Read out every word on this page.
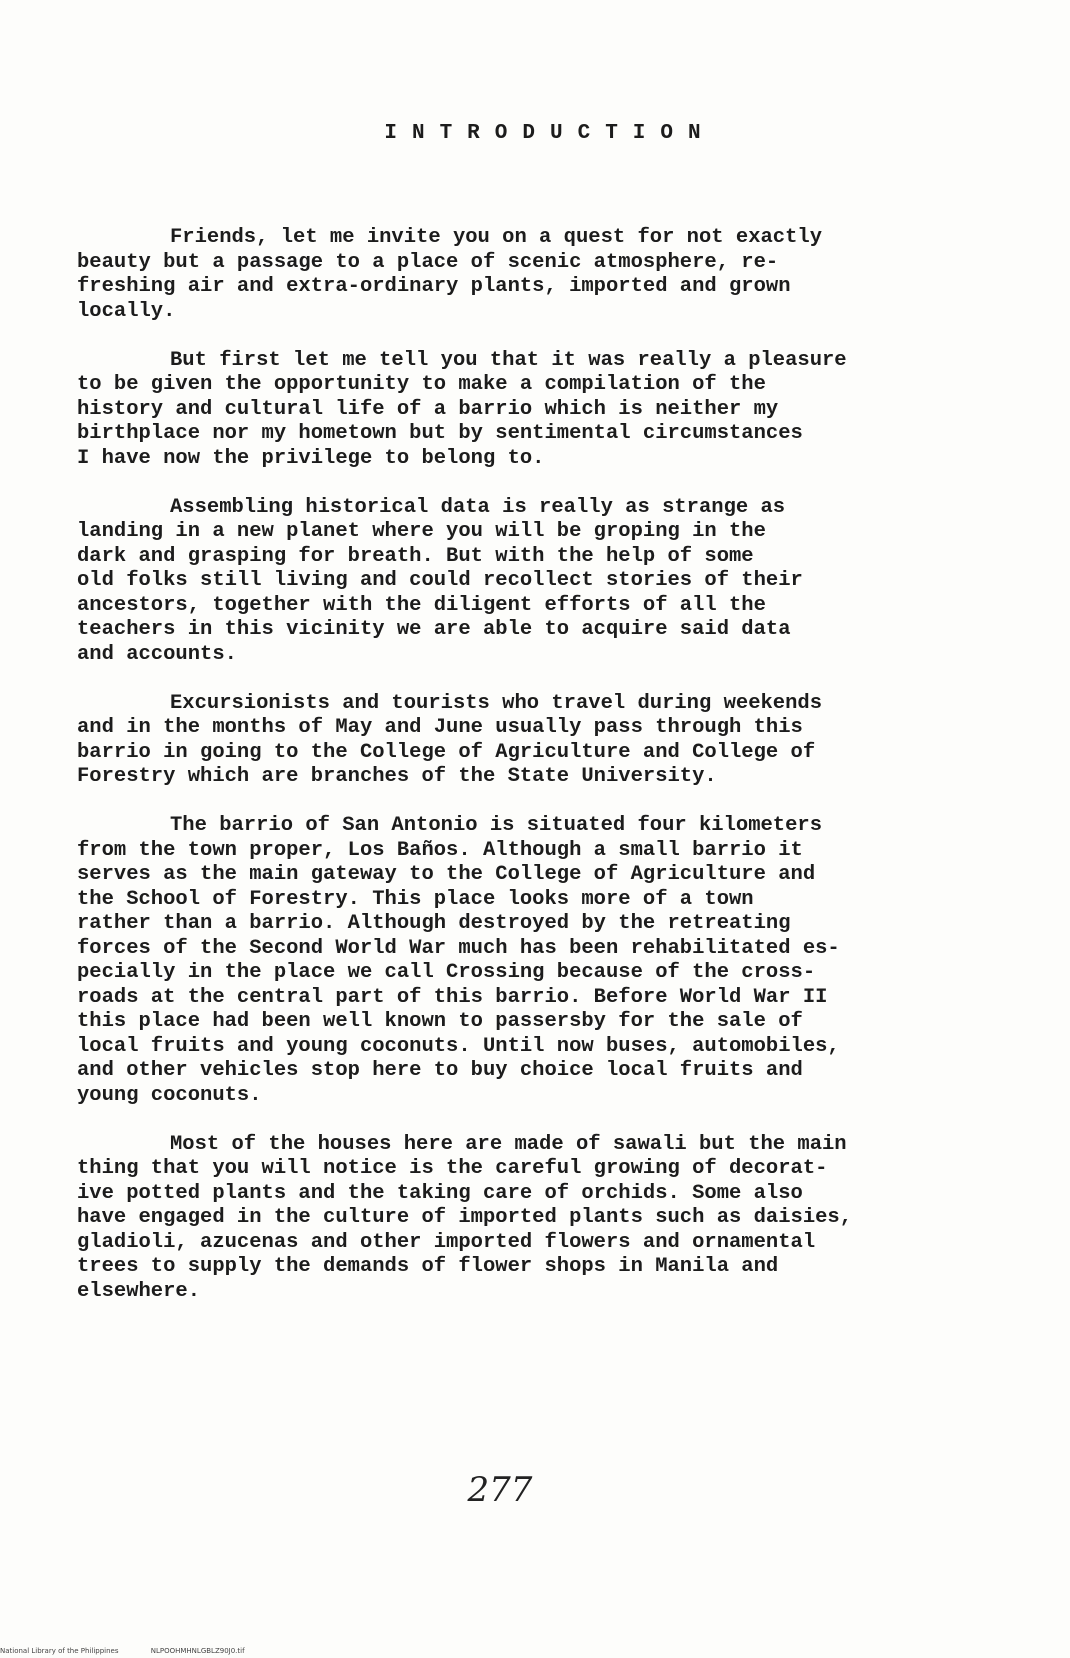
INTRODUCTION

Friends, let me invite you on a quest for not exactly
beauty but a passage to a place of scenic atmosphere, re-
freshing air and extra-ordinary plants, imported and grown
locally.

But first let me tell you that it was really a pleasure
to be given the opportunity to make a compilation of the
history and cultural life of a barrio which is neither my
birthplace nor my hometown but by sentimental circumstances
I have now the privilege to belong to.

Assembling historical data is really as strange as
landing in a new planet where you will be groping in the
dark and grasping for breath. But with the help of some
old folks still living and could recollect stories of their
ancestors, together with the diligent efforts of all the
teachers in this vicinity we are able to acquire said data
and accounts.

Excursionists and tourists who travel during weekends
and in the months of May and June usually pass through this
barrio in going to the College of Agriculture and College of
Forestry which are branches of the State University.

The barrio of San Antonio is situated four kilometers
from the town proper, Los Baños. Although a small barrio it
serves as the main gateway to the College of Agriculture and
the School of Forestry. This place looks more of a town
rather than a barrio. Although destroyed by the retreating
forces of the Second World War much has been rehabilitated es-
pecially in the place we call Crossing because of the cross-
roads at the central part of this barrio. Before World War II
this place had been well known to passersby for the sale of
local fruits and young coconuts. Until now buses, automobiles,
and other vehicles stop here to buy choice local fruits and
young coconuts.

Most of the houses here are made of sawali but the main
thing that you will notice is the careful growing of decorat-
ive potted plants and the taking care of orchids. Some also
have engaged in the culture of imported plants such as daisies,
gladioli, azucenas and other imported flowers and ornamental
trees to supply the demands of flower shops in Manila and
elsewhere.

277
National Library of the Philippines	NLPOOHMHNLGBLZ90J0.tif
